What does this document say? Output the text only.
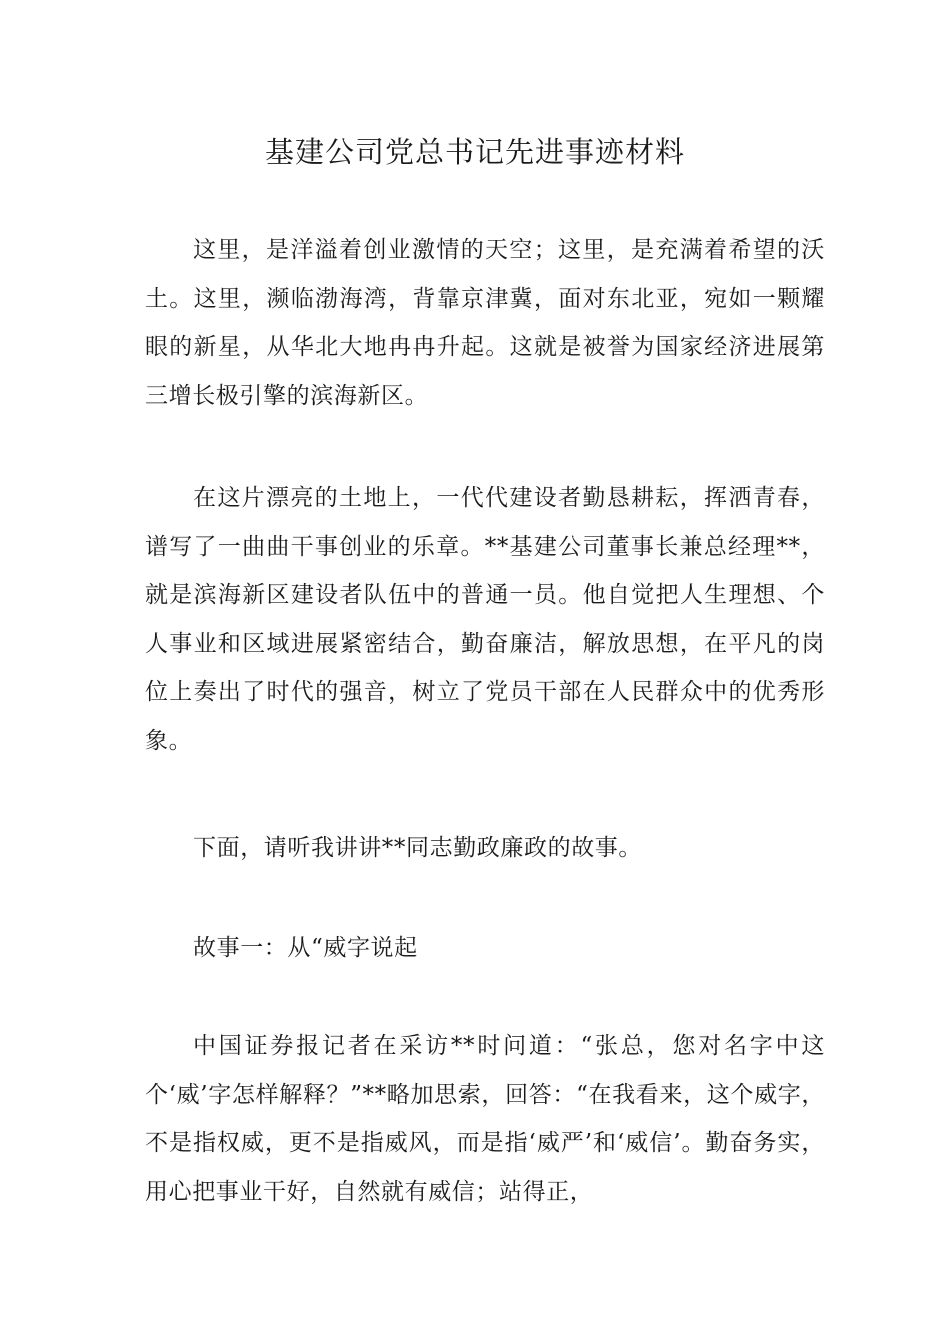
基建公司党总书记先进事迹材料

这里，是洋溢着创业激情的天空；这里，是充满着希望的沃土。这里，濒临渤海湾，背靠京津冀，面对东北亚，宛如一颗耀眼的新星，从华北大地冉冉升起。这就是被誉为国家经济进展第三增长极引擎的滨海新区。

在这片漂亮的土地上，一代代建设者勤恳耕耘，挥洒青春，谱写了一曲曲干事创业的乐章。**基建公司董事长兼总经理**，就是滨海新区建设者队伍中的普通一员。他自觉把人生理想、个人事业和区域进展紧密结合，勤奋廉洁，解放思想，在平凡的岗位上奏出了时代的强音，树立了党员干部在人民群众中的优秀形象。

下面，请听我讲讲**同志勤政廉政的故事。

故事一：从“威字说起

中国证券报记者在采访**时问道：“张总，您对名字中这个‘威’字怎样解释？”**略加思索，回答：“在我看来，这个威字，不是指权威，更不是指威风，而是指‘威严’和‘威信’。勤奋务实，用心把事业干好，自然就有威信；站得正，
